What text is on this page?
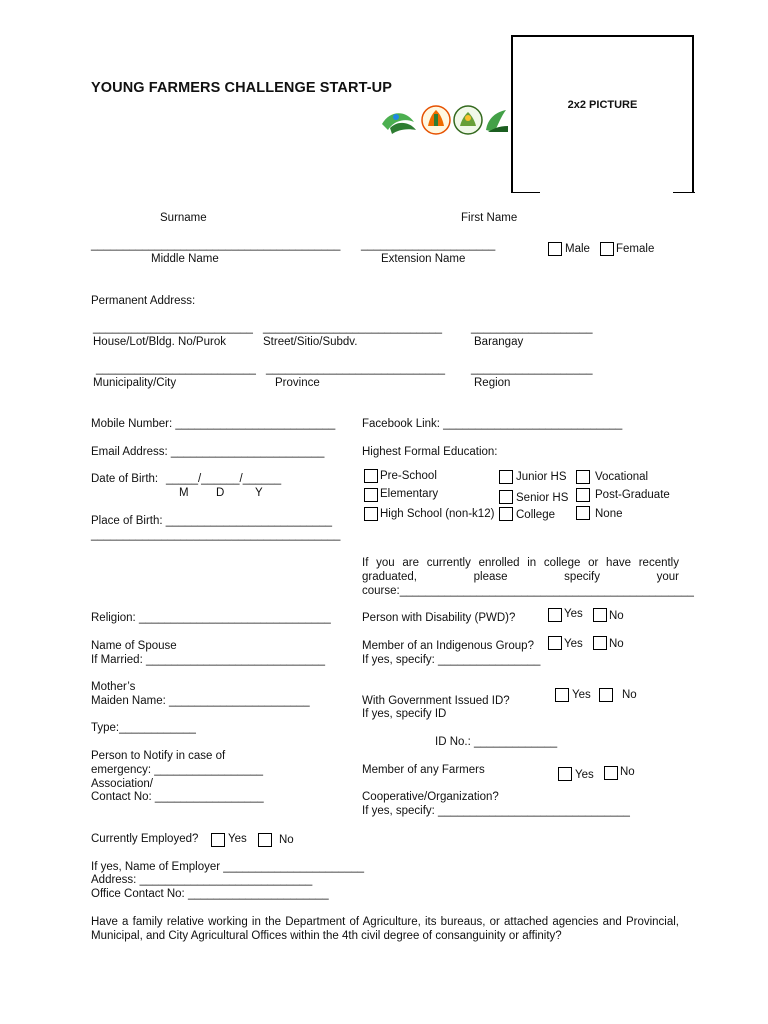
YOUNG FARMERS CHALLENGE START-UP
2x2 PICTURE
Surname	First Name
_______________________________________ _____________________	Male Female
Middle Name	Extension Name
Permanent Address:
_________________________ ____________________________	___________________
House/Lot/Bldg. No/Purok	Street/Sitio/Subdv.	Barangay
_________________________ ____________________________ ___________________
Municipality/City	Province	Region
Mobile Number: _________________________
Email Address: ________________________
Date of Birth: _____/______/______
M D	Y
Place of Birth: __________________________
_______________________________________
Religion: ______________________________
Name of Spouse
If Married: ____________________________
Mother’s
Maiden Name: ______________________
Type:____________
Person to Notify in case of
emergency: _________________
Association/
Contact No: _________________
Currently Employed?	Yes	No
If yes, Name of Employer ______________________
Address: ___________________________
Office Contact No: ______________________
Facebook Link: ____________________________
Highest Formal Education:
Pre-School
Elementary
High School (non-k12)
Junior HS
Senior HS
College
Vocational
Post-Graduate
None
If you are currently enrolled in college or have recently
graduated, please specify your
course:______________________________________________
Person with Disability (PWD)?	Yes No
Member of an Indigenous Group?	Yes No
If yes, specify: ________________
With Government Issued ID?	Yes	No
If yes, specify ID
ID No.: _____________
Member of any Farmers	Yes No
Cooperative/Organization?
If yes, specify: ______________________________
Have a family relative working in the Department of Agriculture, its bureaus, or attached agencies and Provincial,
Municipal, and City Agricultural Offices within the 4th civil degree of consanguinity or affinity?
